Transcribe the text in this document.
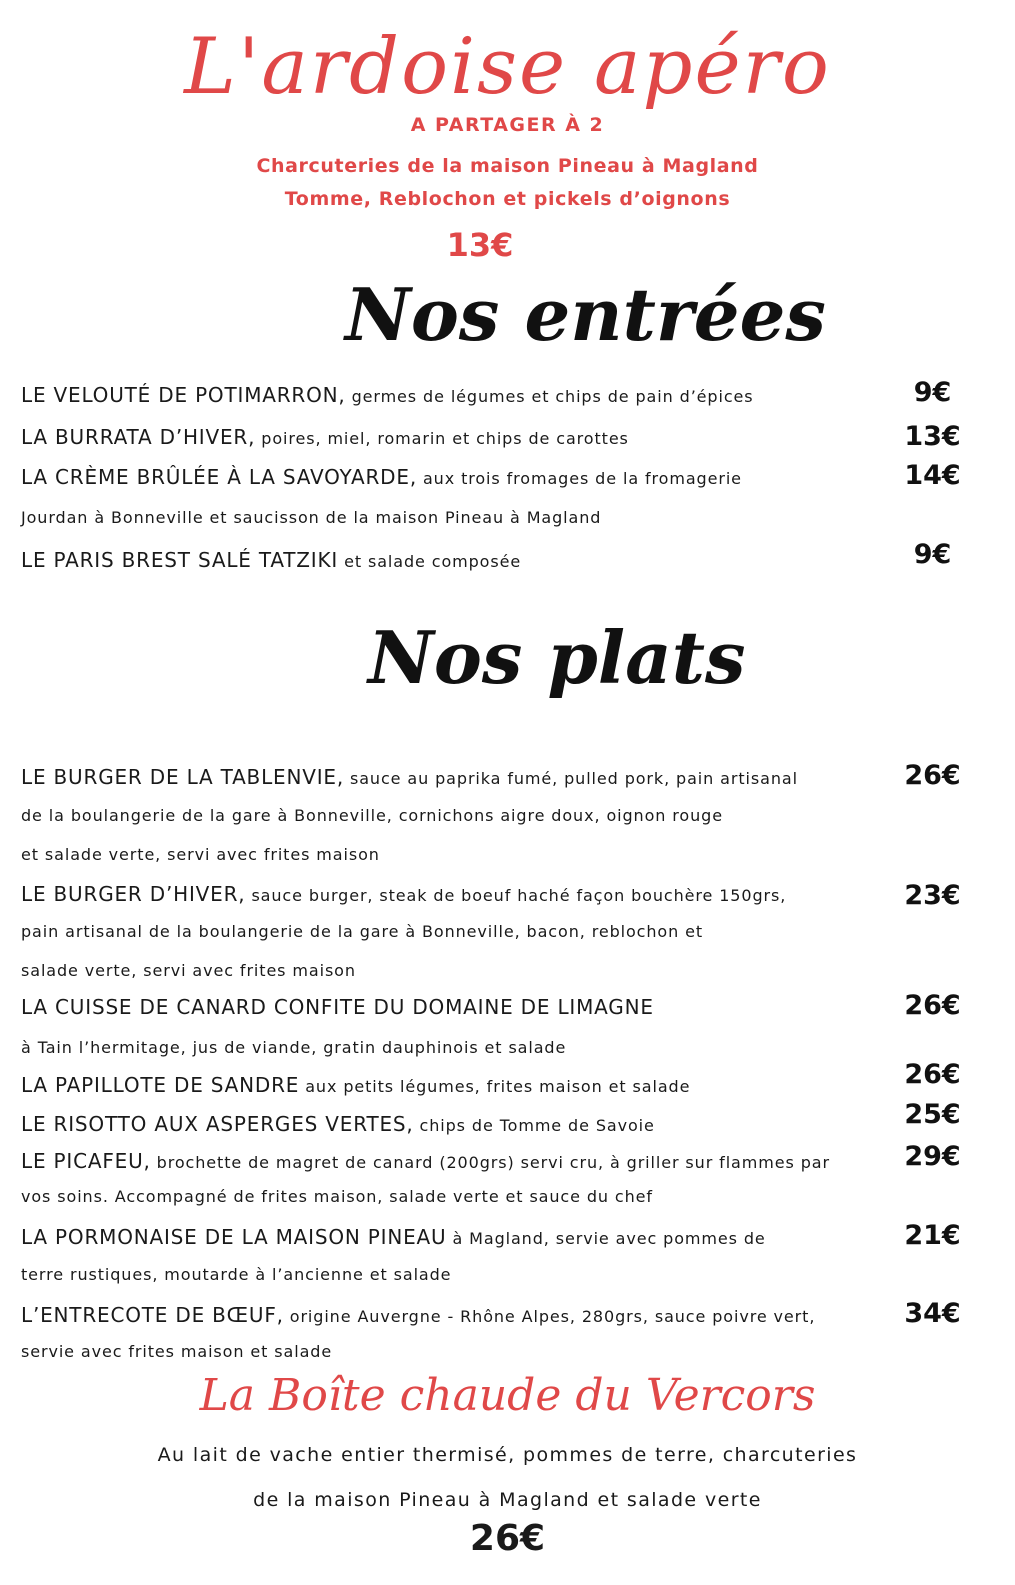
L'ardoise apéro
A PARTAGER À 2
Charcuteries de la maison Pineau à Magland
Tomme, Reblochon et pickels d’oignons
13€
Nos entrées
LE VELOUTÉ DE POTIMARRON, germes de légumes et chips de pain d’épices	9€
LA BURRATA D’HIVER, poires, miel, romarin et chips de carottes	13€
LA CRÈME BRÛLÉE À LA SAVOYARDE, aux trois fromages de la fromagerie	14€
Jourdan à Bonneville et saucisson de la maison Pineau à Magland
LE PARIS BREST SALÉ TATZIKI et salade composée	9€
Nos plats
LE BURGER DE LA TABLENVIE, sauce au paprika fumé, pulled pork, pain artisanal	26€
de la boulangerie de la gare à Bonneville, cornichons aigre doux, oignon rouge
et salade verte, servi avec frites maison
LE BURGER D’HIVER, sauce burger, steak de boeuf haché façon bouchère 150grs,	23€
pain artisanal de la boulangerie de la gare à Bonneville, bacon, reblochon et
salade verte, servi avec frites maison
LA CUISSE DE CANARD CONFITE DU DOMAINE DE LIMAGNE	26€
à Tain l’hermitage, jus de viande, gratin dauphinois et salade
LA PAPILLOTE DE SANDRE aux petits légumes, frites maison et salade	26€
LE RISOTTO AUX ASPERGES VERTES, chips de Tomme de Savoie	25€
LE PICAFEU, brochette de magret de canard (200grs) servi cru, à griller sur flammes par	29€
vos soins. Accompagné de frites maison, salade verte et sauce du chef
LA PORMONAISE DE LA MAISON PINEAU à Magland, servie avec pommes de	21€
terre rustiques, moutarde à l’ancienne et salade
L’ENTRECOTE DE BŒUF, origine Auvergne - Rhône Alpes, 280grs, sauce poivre vert,	34€
servie avec frites maison et salade
La Boîte chaude du Vercors
Au lait de vache entier thermisé, pommes de terre, charcuteries
de la maison Pineau à Magland et salade verte
26€
